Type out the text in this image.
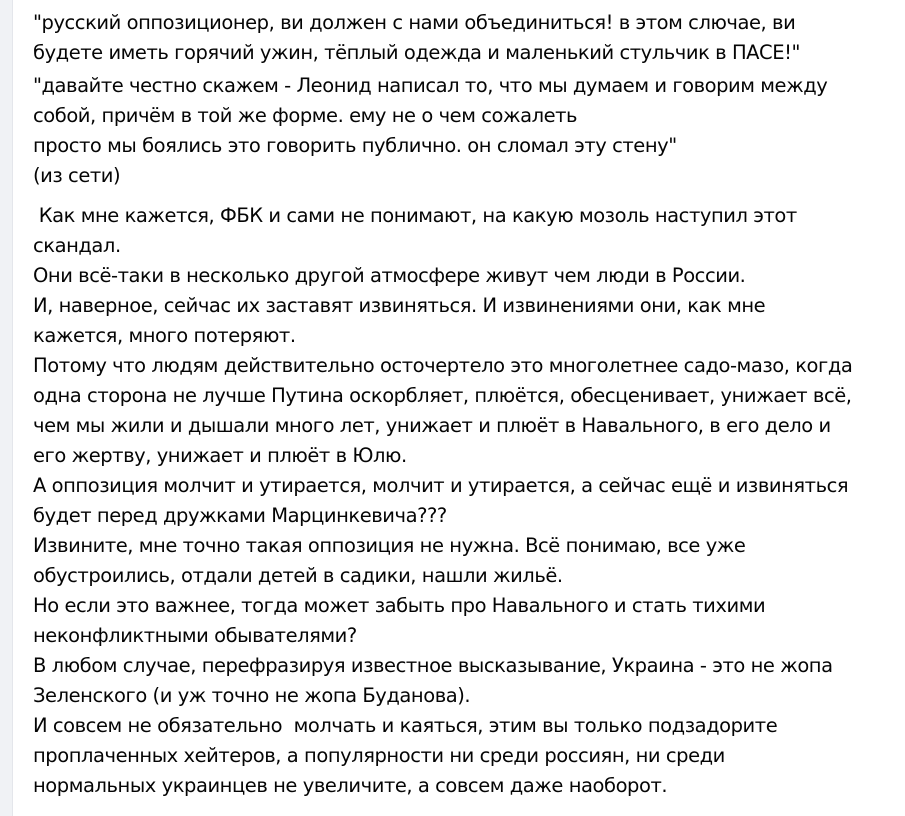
"русский оппозиционер, ви должен с нами объединиться! в этом слючае, ви
будете иметь горячий ужин, тёплый одежда и маленький стульчик в ПАСЕ!"

"давайте честно скажем - Леонид написал то, что мы думаем и говорим между
собой, причём в той же форме. ему не о чем сожалеть
просто мы боялись это говорить публично. он сломал эту стену"
(из сети)

Как мне кажется, ФБК и сами не понимают, на какую мозоль наступил этот
скандал.
Они всё-таки в несколько другой атмосфере живут чем люди в России.
И, наверное, сейчас их заставят извиняться. И извинениями они, как мне
кажется, много потеряют.
Потому что людям действительно осточертело это многолетнее садо-мазо, когда
одна сторона не лучше Путина оскорбляет, плюётся, обесценивает, унижает всё,
чем мы жили и дышали много лет, унижает и плюёт в Навального, в его дело и
его жертву, унижает и плюёт в Юлю.
А оппозиция молчит и утирается, молчит и утирается, а сейчас ещё и извиняться
будет перед дружками Марцинкевича???
Извините, мне точно такая оппозиция не нужна. Всё понимаю, все уже
обустроились, отдали детей в садики, нашли жильё.
Но если это важнее, тогда может забыть про Навального и стать тихими
неконфликтными обывателями?
В любом случае, перефразируя известное высказывание, Украина - это не жопа
Зеленского (и уж точно не жопа Буданова).
И совсем не обязательно  молчать и каяться, этим вы только подзадорите
проплаченных хейтеров, а популярности ни среди россиян, ни среди
нормальных украинцев не увеличите, а совсем даже наоборот.
